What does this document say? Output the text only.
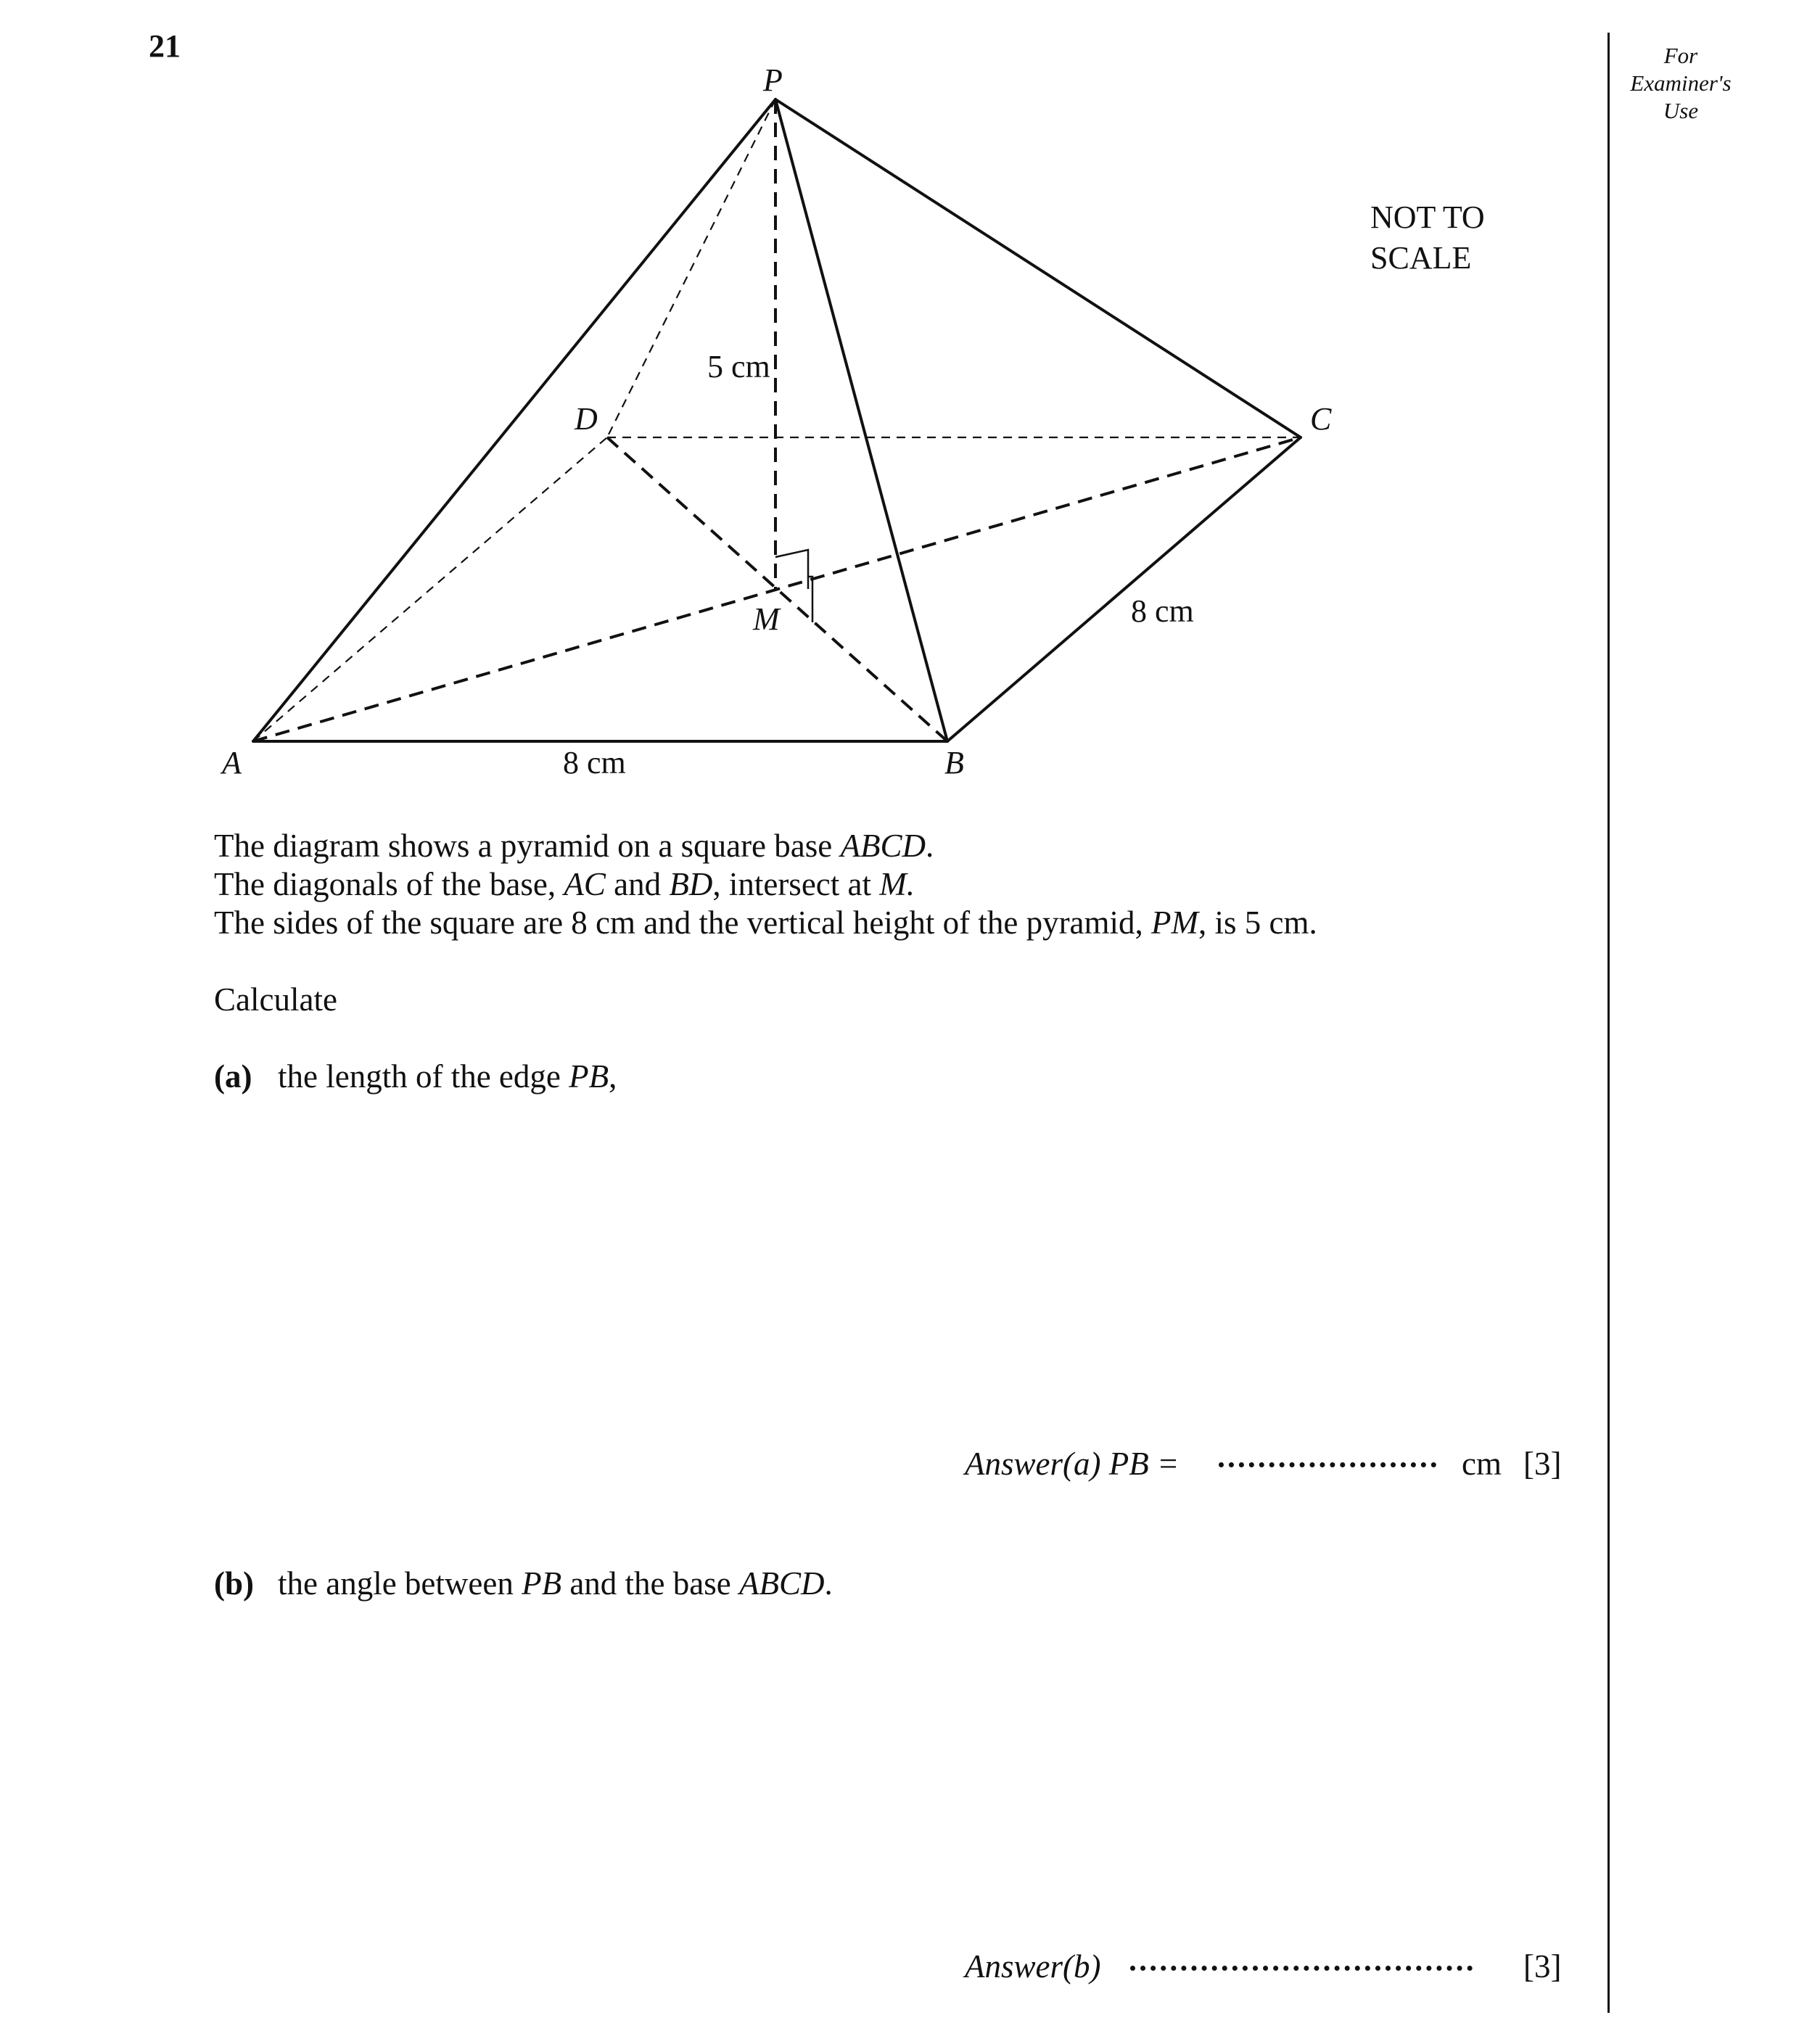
21	For
Examiner's
Use
NOT TO
SCALE
P
A	B
C
D
M
5 cm
8 cm
8 cm

The diagram shows a pyramid on a square base ABCD.

The diagonals of the base, AC and BD, intersect at M.

The sides of the square are 8 cm and the vertical height of the pyramid, PM, is 5 cm.

Calculate
(a) the length of the edge PB,
Answer(a) PB =	cm [3]
(b) the angle between PB and the base ABCD.
Answer(b)	[3]
